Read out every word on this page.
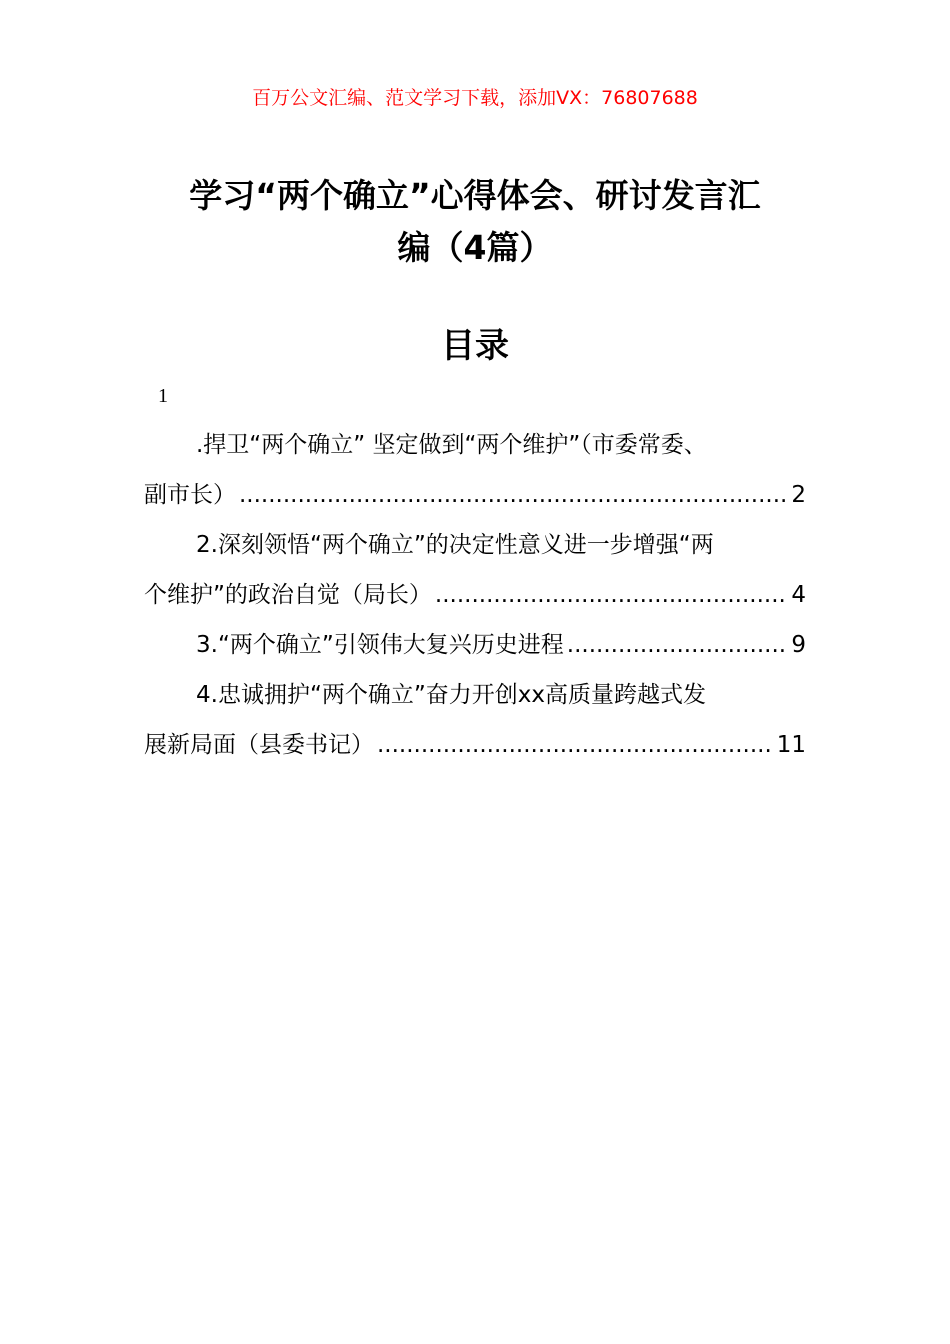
百万公文汇编、范文学习下载，添加VX：76807688
学习“两个确立”心得体会、研讨发言汇
编（4篇）
目录
1
.捍卫“两个确立” 坚定做到“两个维护”（市委常委、
副市长） .....	2
2.深刻领悟“两个确立”的决定性意义进一步增强“两
个维护”的政治自觉（局长） .....	4
3.“两个确立”引领伟大复兴历史进程 .....	9
4.忠诚拥护“两个确立”奋力开创xx高质量跨越式发
展新局面（县委书记） .....	11
